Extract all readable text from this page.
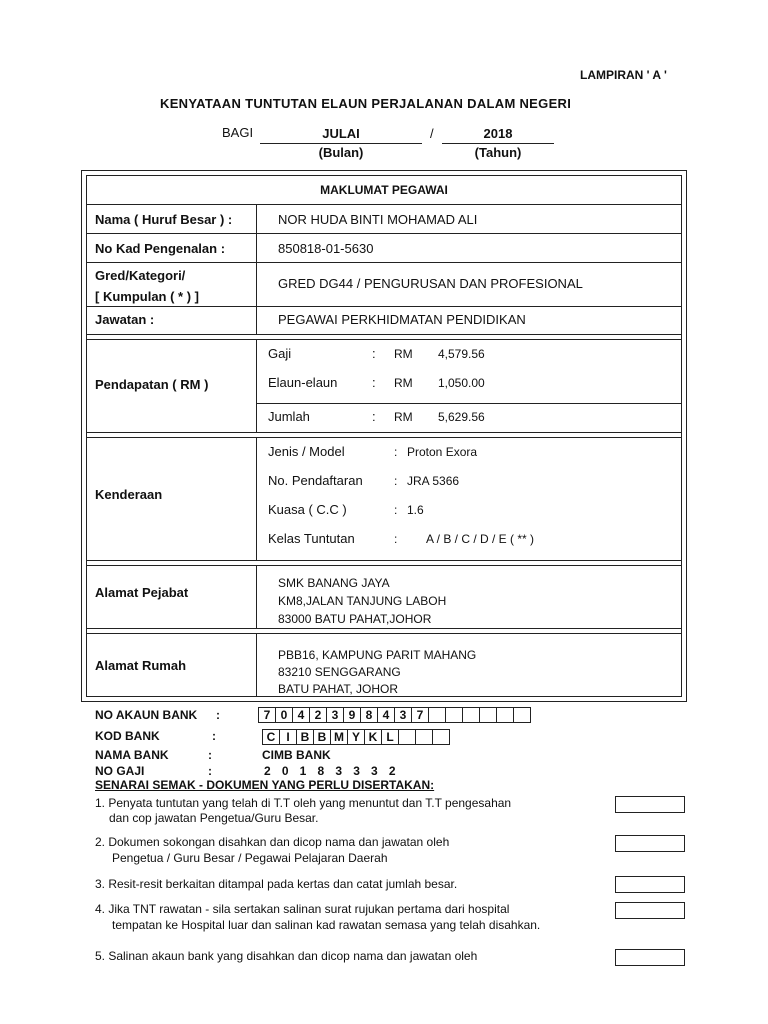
LAMPIRAN ' A '
KENYATAAN TUNTUTAN ELAUN PERJALANAN DALAM NEGERI
BAGI	JULAI	/	2018
(Bulan)	(Tahun)
MAKLUMAT PEGAWAI
Nama ( Huruf Besar ) :	NOR HUDA BINTI MOHAMAD ALI
No Kad Pengenalan :	850818-01-5630
Gred/Kategori/
[ Kumpulan ( * ) ]
GRED DG44 / PENGURUSAN DAN PROFESIONAL
Jawatan :	PEGAWAI PERKHIDMATAN PENDIDIKAN
Pendapatan ( RM )
Gaji	: RM 4,579.56
Elaun-elaun	: RM 1,050.00
Jumlah	: RM 5,629.56
Kenderaan
Jenis / Model	: Proton Exora
No. Pendaftaran	: JRA 5366
Kuasa ( C.C )	: 1.6
Kelas Tuntutan	: A / B / C / D / E ( ** )
Alamat Pejabat
SMK BANANG JAYA
KM8,JALAN TANJUNG LABOH
83000 BATU PAHAT,JOHOR
Alamat Rumah
PBB16, KAMPUNG PARIT MAHANG
83210 SENGGARANG
BATU PAHAT, JOHOR
NO AKAUN BANK :	7 0 4 2 3 9 8 4 3 7
KOD BANK	:	C I B B M Y K L
NAMA BANK	:	CIMB BANK
NO GAJI	:	2  0  1  8  3  3  3  2
SENARAI SEMAK - DOKUMEN YANG PERLU DISERTAKAN:
1. Penyata tuntutan yang telah di T.T oleh yang menuntut dan T.T pengesahan
dan cop jawatan Pengetua/Guru Besar.
2. Dokumen sokongan disahkan dan dicop nama dan jawatan oleh
Pengetua / Guru Besar / Pegawai Pelajaran Daerah
3. Resit-resit berkaitan ditampal pada kertas dan catat jumlah besar.
4. Jika TNT rawatan - sila sertakan salinan surat rujukan pertama dari hospital
tempatan ke Hospital luar dan salinan kad rawatan semasa yang telah disahkan.
5. Salinan akaun bank yang disahkan dan dicop nama dan jawatan oleh
